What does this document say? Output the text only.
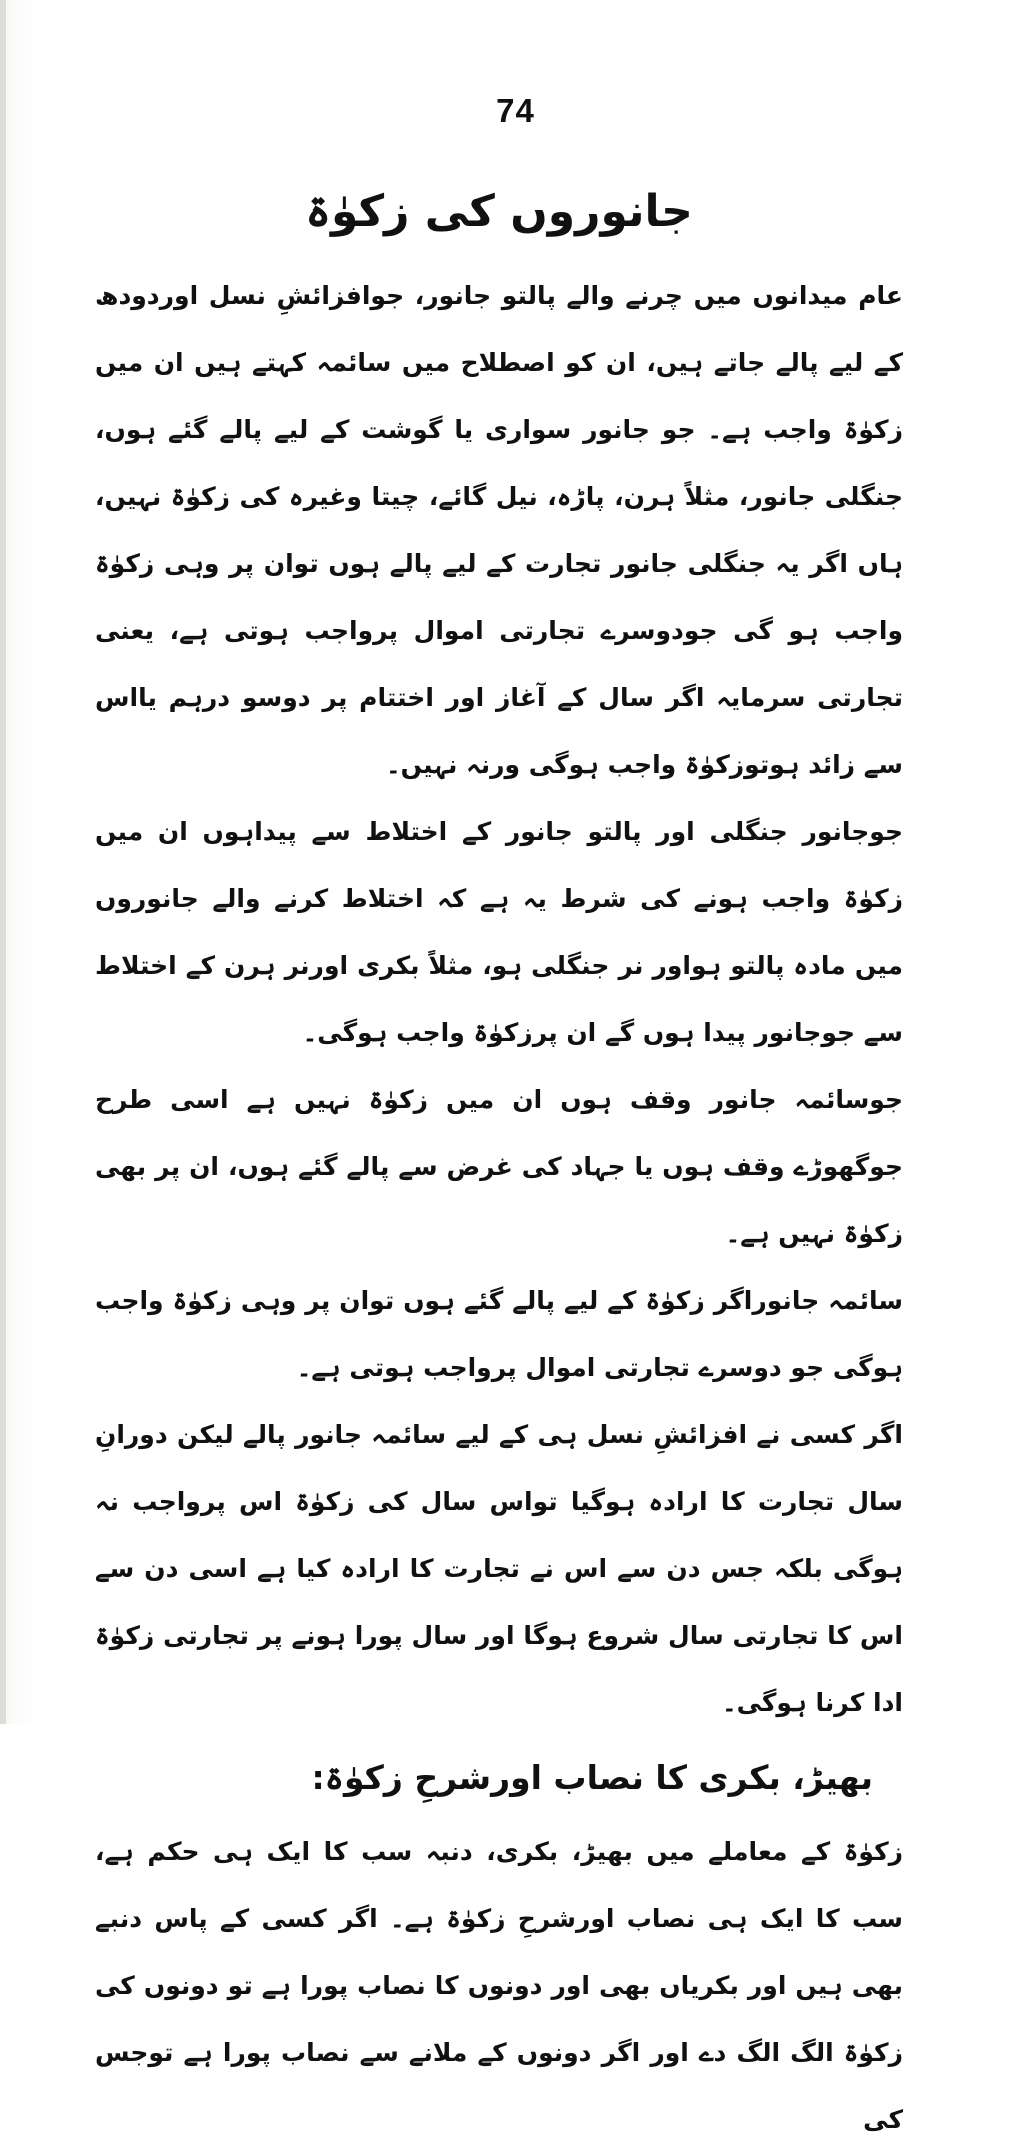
74
جانوروں کی زکوٰۃ

عام میدانوں میں چرنے والے پالتو جانور، جوافزائشِ نسل اوردودھ کے لیے پالے جاتے ہیں، ان کو اصطلاح میں سائمہ کہتے ہیں ان میں زکوٰۃ واجب ہے۔ جو جانور سواری یا گوشت کے لیے پالے گئے ہوں، جنگلی جانور، مثلاً ہرن، پاڑہ، نیل گائے، چیتا وغیرہ کی زکوٰۃ نہیں، ہاں اگر یہ جنگلی جانور تجارت کے لیے پالے ہوں توان پر وہی زکوٰۃ واجب ہو گی جودوسرے تجارتی اموال پرواجب ہوتی ہے، یعنی تجارتی سرمایہ اگر سال کے آغاز اور اختتام پر دوسو درہم یااس سے زائد ہوتوزکوٰۃ واجب ہوگی ورنہ نہیں۔

جوجانور جنگلی اور پالتو جانور کے اختلاط سے پیداہوں ان میں زکوٰۃ واجب ہونے کی شرط یہ ہے کہ اختلاط کرنے والے جانوروں میں مادہ پالتو ہواور نر جنگلی ہو، مثلاً بکری اورنر ہرن کے اختلاط سے جوجانور پیدا ہوں گے ان پرزکوٰۃ واجب ہوگی۔

جوسائمہ جانور وقف ہوں ان میں زکوٰۃ نہیں ہے اسی طرح جوگھوڑے وقف ہوں یا جہاد کی غرض سے پالے گئے ہوں، ان پر بھی زکوٰۃ نہیں ہے۔

سائمہ جانوراگر زکوٰۃ کے لیے پالے گئے ہوں توان پر وہی زکوٰۃ واجب ہوگی جو دوسرے تجارتی اموال پرواجب ہوتی ہے۔

اگر کسی نے افزائشِ نسل ہی کے لیے سائمہ جانور پالے لیکن دورانِ سال تجارت کا ارادہ ہوگیا تواس سال کی زکوٰۃ اس پرواجب نہ ہوگی بلکہ جس دن سے اس نے تجارت کا ارادہ کیا ہے اسی دن سے اس کا تجارتی سال شروع ہوگا اور سال پورا ہونے پر تجارتی زکوٰۃ ادا کرنا ہوگی۔

بھیڑ، بکری کا نصاب اورشرحِ زکوٰۃ:

زکوٰۃ کے معاملے میں بھیڑ، بکری، دنبہ سب کا ایک ہی حکم ہے، سب کا ایک ہی نصاب اورشرحِ زکوٰۃ ہے۔ اگر کسی کے پاس دنبے بھی ہیں اور بکریاں بھی اور دونوں کا نصاب پورا ہے تو دونوں کی زکوٰۃ الگ الگ دے اور اگر دونوں کے ملانے سے نصاب پورا ہے توجس کی
